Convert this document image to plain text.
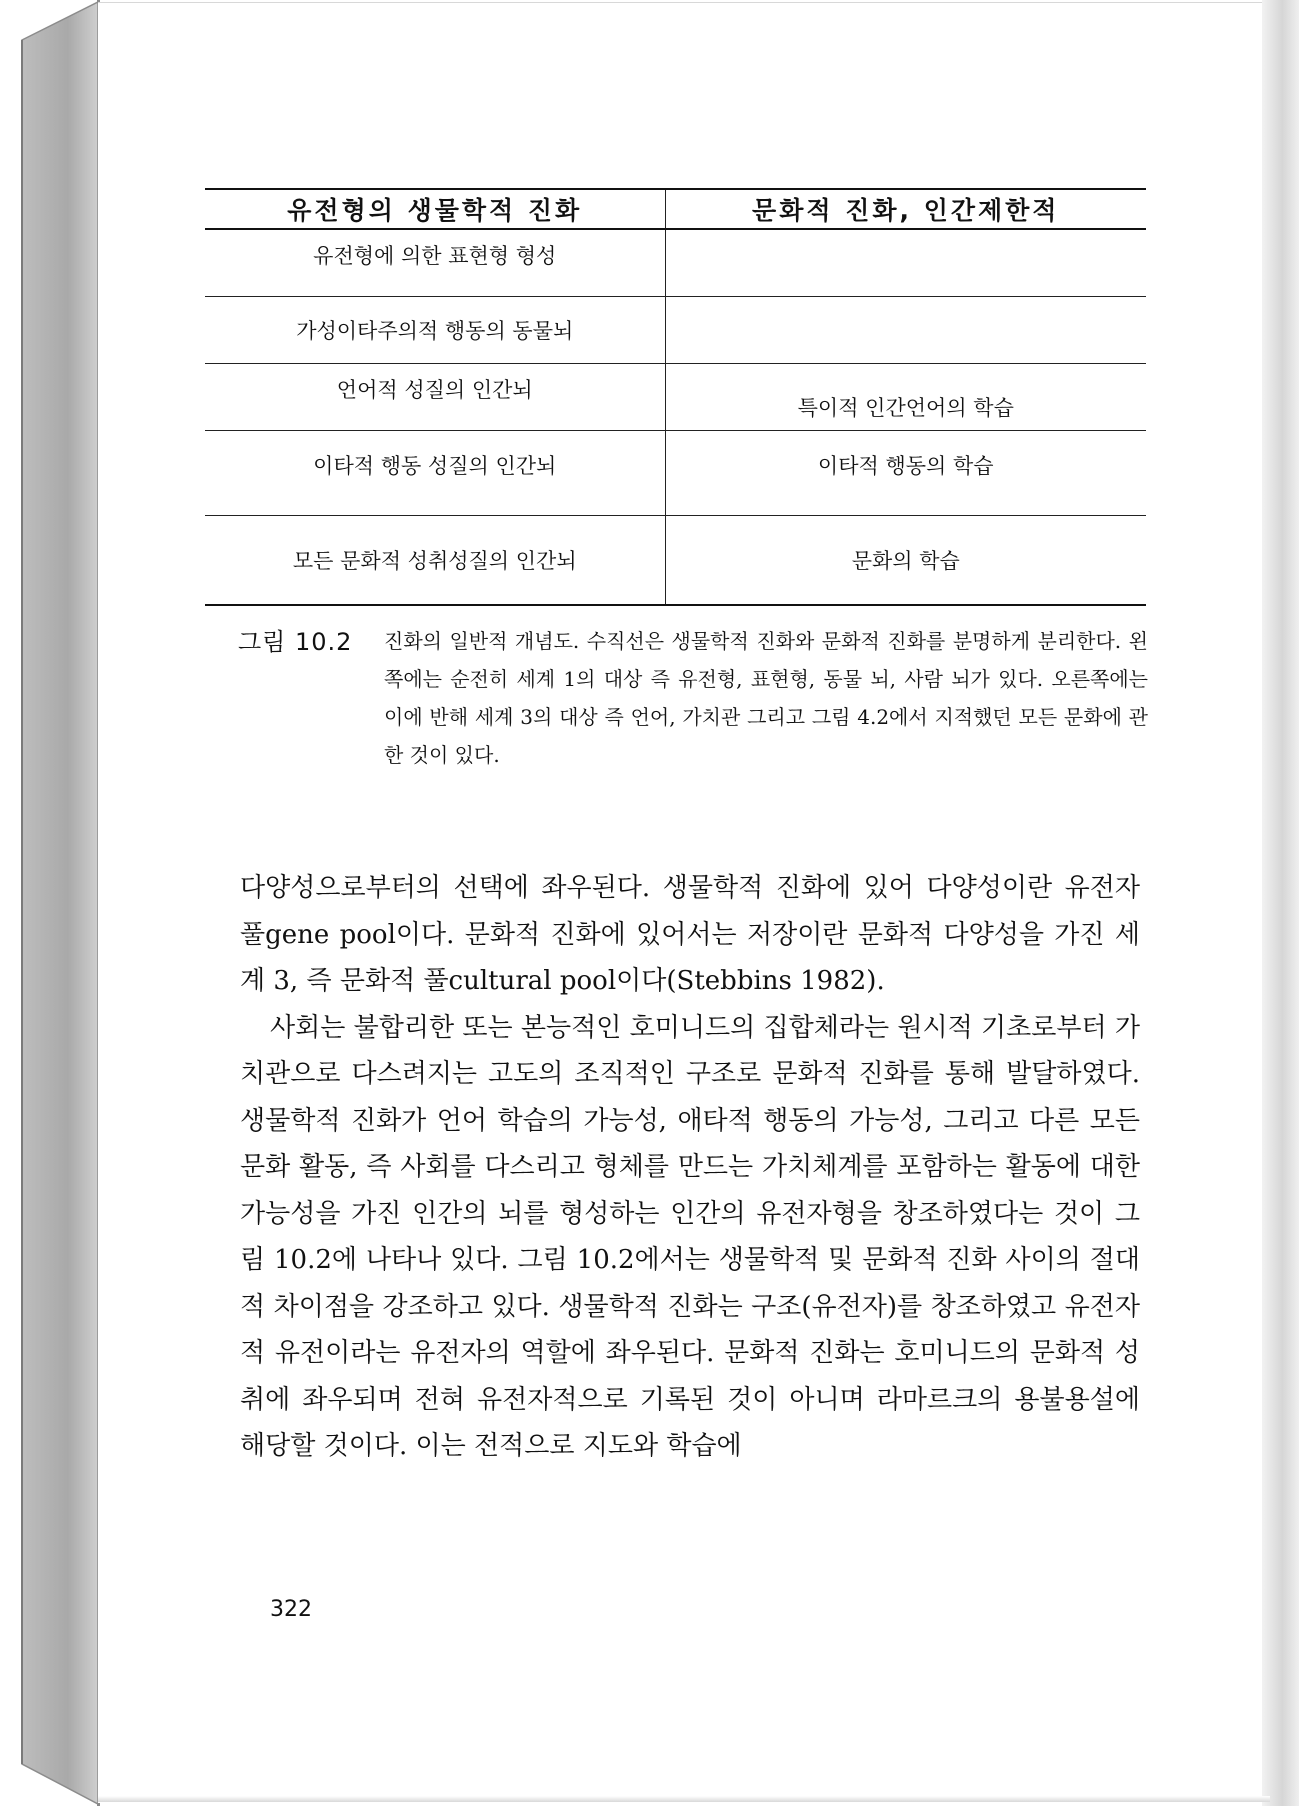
유전형의 생물학적 진화	문화적 진화, 인간제한적
유전형에 의한 표현형 형성	
가성이타주의적 행동의 동물뇌	
언어적 성질의 인간뇌	특이적 인간언어의 학습
이타적 행동 성질의 인간뇌	이타적 행동의 학습
모든 문화적 성취성질의 인간뇌	문화의 학습
그림 10.2 진화의 일반적 개념도. 수직선은 생물학적 진화와 문화적 진화를 분명하게 분리한다. 왼쪽에는 순전히 세계 1의 대상 즉 유전형, 표현형, 동물 뇌, 사람 뇌가 있다. 오른쪽에는 이에 반해 세계 3의 대상 즉 언어, 가치관 그리고 그림 4.2에서 지적했던 모든 문화에 관한 것이 있다.

다양성으로부터의 선택에 좌우된다. 생물학적 진화에 있어 다양성이란 유전자 풀gene pool이다. 문화적 진화에 있어서는 저장이란 문화적 다양성을 가진 세계 3, 즉 문화적 풀cultural pool이다(Stebbins 1982).

사회는 불합리한 또는 본능적인 호미니드의 집합체라는 원시적 기초로부터 가치관으로 다스려지는 고도의 조직적인 구조로 문화적 진화를 통해 발달하였다. 생물학적 진화가 언어 학습의 가능성, 애타적 행동의 가능성, 그리고 다른 모든 문화 활동, 즉 사회를 다스리고 형체를 만드는 가치체계를 포함하는 활동에 대한 가능성을 가진 인간의 뇌를 형성하는 인간의 유전자형을 창조하였다는 것이 그림 10.2에 나타나 있다. 그림 10.2에서는 생물학적 및 문화적 진화 사이의 절대적 차이점을 강조하고 있다. 생물학적 진화는 구조(유전자)를 창조하였고 유전자적 유전이라는 유전자의 역할에 좌우된다. 문화적 진화는 호미니드의 문화적 성취에 좌우되며 전혀 유전자적으로 기록된 것이 아니며 라마르크의 용불용설에 해당할 것이다. 이는 전적으로 지도와 학습에

322
